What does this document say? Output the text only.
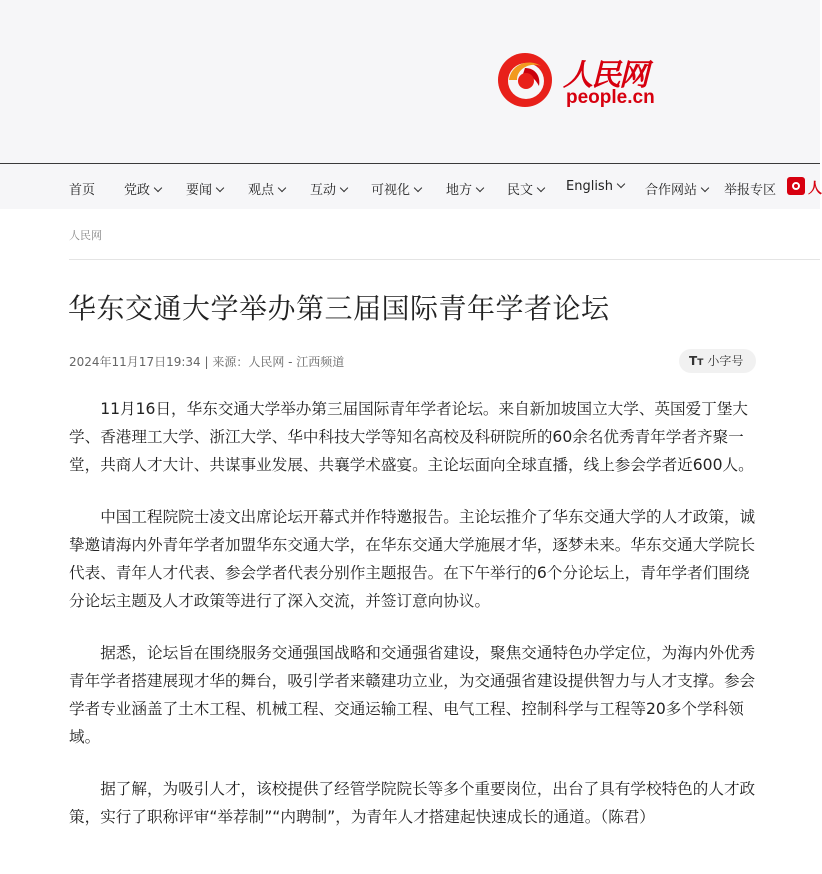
人民网
people.cn
首页 党政	要闻	观点	互动	可视化	地方	民文	English	合作网站	举报专区 人
人民网
华东交通大学举办第三届国际青年学者论坛
2024年11月17日19:34 | 来源：人民网 - 江西频道	TT 小字号

11月16日，华东交通大学举办第三届国际青年学者论坛。来自新加坡国立大学、英国爱丁堡大学、香港理工大学、浙江大学、华中科技大学等知名高校及科研院所的60余名优秀青年学者齐聚一堂，共商人才大计、共谋事业发展、共襄学术盛宴。主论坛面向全球直播，线上参会学者近600人。

中国工程院院士凌文出席论坛开幕式并作特邀报告。主论坛推介了华东交通大学的人才政策，诚挚邀请海内外青年学者加盟华东交通大学，在华东交通大学施展才华，逐梦未来。华东交通大学院长代表、青年人才代表、参会学者代表分别作主题报告。在下午举行的6个分论坛上，青年学者们围绕分论坛主题及人才政策等进行了深入交流，并签订意向协议。

据悉，论坛旨在围绕服务交通强国战略和交通强省建设，聚焦交通特色办学定位，为海内外优秀青年学者搭建展现才华的舞台，吸引学者来赣建功立业，为交通强省建设提供智力与人才支撑。参会学者专业涵盖了土木工程、机械工程、交通运输工程、电气工程、控制科学与工程等20多个学科领域。

据了解，为吸引人才，该校提供了经管学院院长等多个重要岗位，出台了具有学校特色的人才政策，实行了职称评审“举荐制”“内聘制”，为青年人才搭建起快速成长的通道。（陈君）
